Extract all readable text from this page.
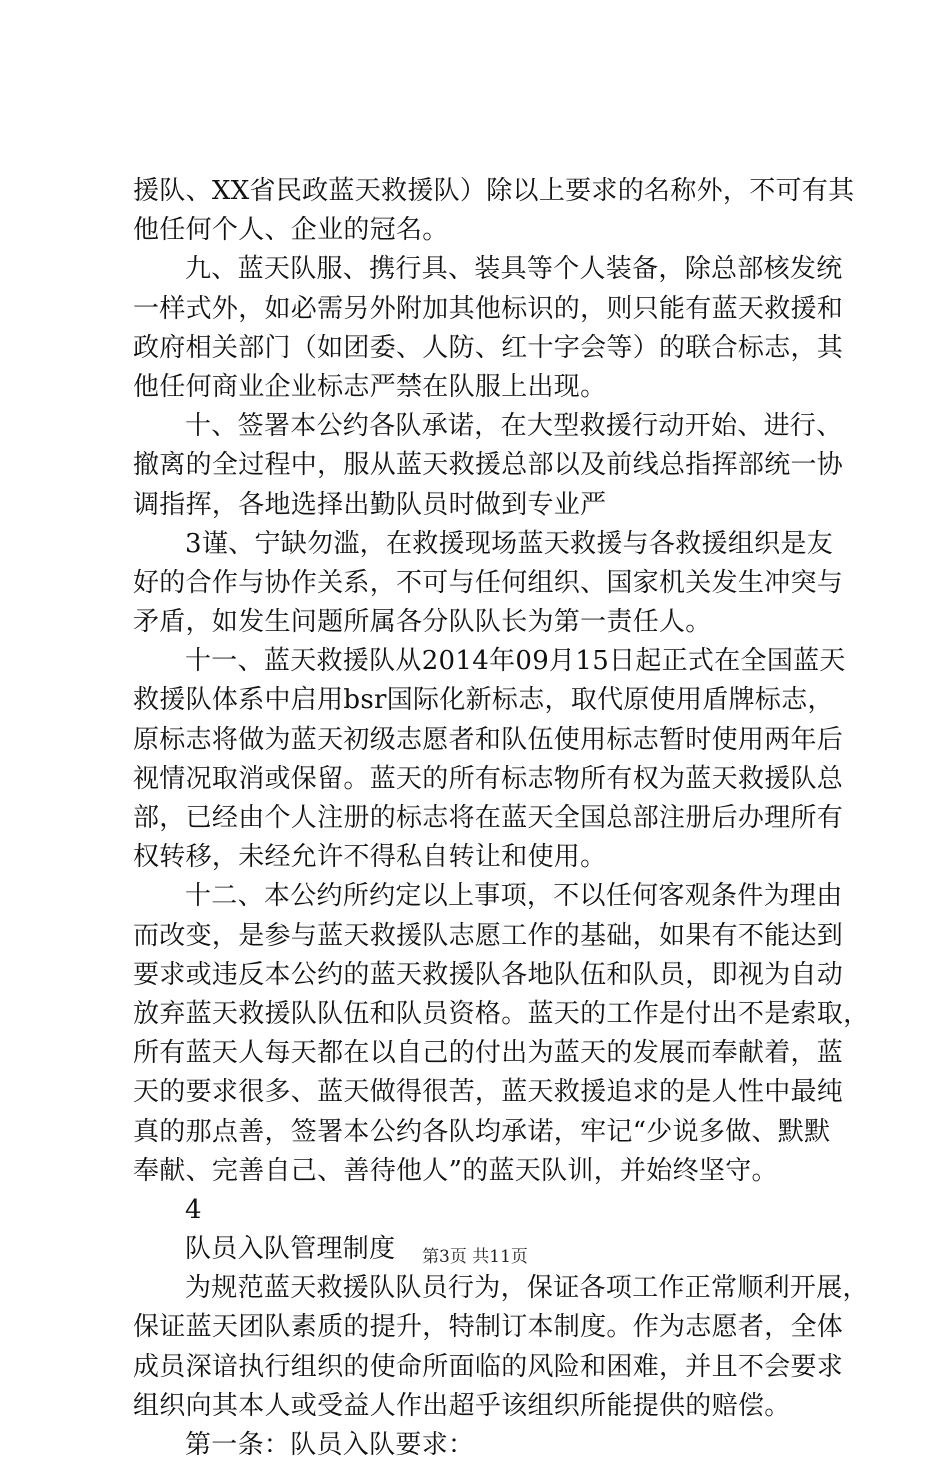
援队、XX省民政蓝天救援队）除以上要求的名称外，不可有其
他任何个人、企业的冠名。
九、蓝天队服、携行具、装具等个人装备，除总部核发统
一样式外，如必需另外附加其他标识的，则只能有蓝天救援和
政府相关部门（如团委、人防、红十字会等）的联合标志，其
他任何商业企业标志严禁在队服上出现。
十、签署本公约各队承诺，在大型救援行动开始、进行、
撤离的全过程中，服从蓝天救援总部以及前线总指挥部统一协
调指挥，各地选择出勤队员时做到专业严
3谨、宁缺勿滥，在救援现场蓝天救援与各救援组织是友
好的合作与协作关系，不可与任何组织、国家机关发生冲突与
矛盾，如发生问题所属各分队队长为第一责任人。
十一、蓝天救援队从2014年09月15日起正式在全国蓝天
救援队体系中启用bsr国际化新标志，取代原使用盾牌标志，
原标志将做为蓝天初级志愿者和队伍使用标志暂时使用两年后
视情况取消或保留。蓝天的所有标志物所有权为蓝天救援队总
部，已经由个人注册的标志将在蓝天全国总部注册后办理所有
权转移，未经允许不得私自转让和使用。
十二、本公约所约定以上事项，不以任何客观条件为理由
而改变，是参与蓝天救援队志愿工作的基础，如果有不能达到
要求或违反本公约的蓝天救援队各地队伍和队员，即视为自动
放弃蓝天救援队队伍和队员资格。蓝天的工作是付出不是索取，
所有蓝天人每天都在以自己的付出为蓝天的发展而奉献着，蓝
天的要求很多、蓝天做得很苦，蓝天救援追求的是人性中最纯
真的那点善，签署本公约各队均承诺，牢记“少说多做、默默
奉献、完善自己、善待他人”的蓝天队训，并始终坚守。
4
队员入队管理制度
为规范蓝天救援队队员行为，保证各项工作正常顺利开展，
保证蓝天团队素质的提升，特制订本制度。作为志愿者，全体
成员深谙执行组织的使命所面临的风险和困难，并且不会要求
组织向其本人或受益人作出超乎该组织所能提供的赔偿。
第一条：队员入队要求：
第3页 共11页
